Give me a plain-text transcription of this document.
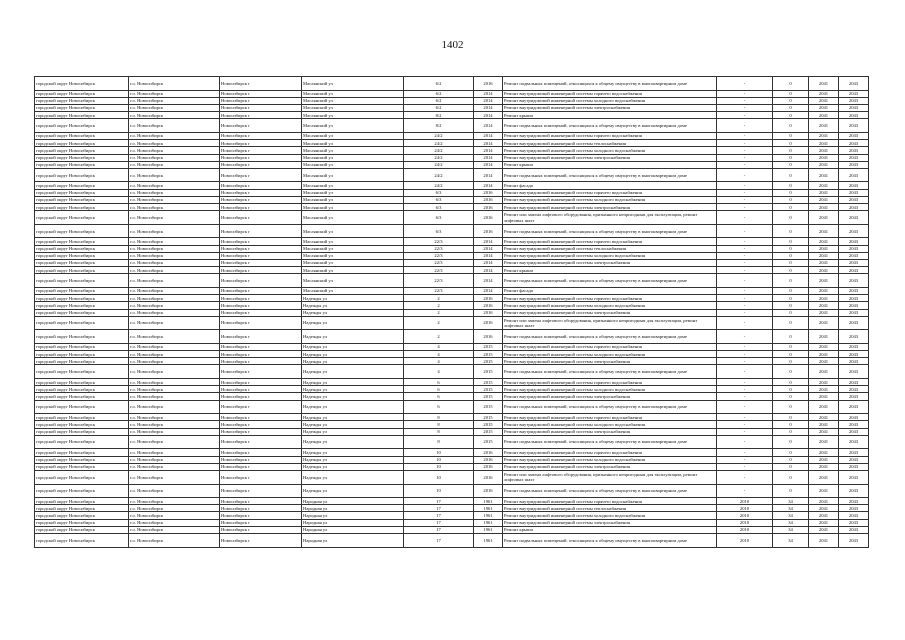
1402
городской округ Новосибирск	г.о. Новосибирск	Новосибирск г	Маслянский ул	6/2	2016	Ремонт подвальных помещений, относящихся к общему имуществу в многоквартирном доме	-	0	2041	2043
городской округ Новосибирск	г.о. Новосибирск	Новосибирск г	Маслянский ул	6/2	2014	Ремонт внутридомовой инженерной системы горячего водоснабжения	-	0	2041	2043
городской округ Новосибирск	г.о. Новосибирск	Новосибирск г	Маслянский ул	6/2	2014	Ремонт внутридомовой инженерной системы холодного водоснабжения	-	0	2041	2043
городской округ Новосибирск	г.о. Новосибирск	Новосибирск г	Маслянский ул	6/2	2014	Ремонт внутридомовой инженерной системы электроснабжения	-	0	2041	2043
городской округ Новосибирск	г.о. Новосибирск	Новосибирск г	Маслянский ул	8/2	2014	Ремонт крыши	-	0	2041	2043
городской округ Новосибирск	г.о. Новосибирск	Новосибирск г	Маслянский ул	8/2	2014	Ремонт подвальных помещений, относящихся к общему имуществу в многоквартирном доме	-	0	2041	2043
городской округ Новосибирск	г.о. Новосибирск	Новосибирск г	Маслянский ул	24/2	2014	Ремонт внутридомовой инженерной системы горячего водоснабжения	-	0	2041	2043
городской округ Новосибирск	г.о. Новосибирск	Новосибирск г	Маслянский ул	24/2	2014	Ремонт внутридомовой инженерной системы теплоснабжения	-	0	2041	2043
городской округ Новосибирск	г.о. Новосибирск	Новосибирск г	Маслянский ул	24/2	2014	Ремонт внутридомовой инженерной системы холодного водоснабжения	-	0	2041	2043
городской округ Новосибирск	г.о. Новосибирск	Новосибирск г	Маслянский ул	24/2	2014	Ремонт внутридомовой инженерной системы электроснабжения	-	0	2041	2043
городской округ Новосибирск	г.о. Новосибирск	Новосибирск г	Маслянский ул	24/2	2014	Ремонт крыши	-	0	2041	2043
городской округ Новосибирск	г.о. Новосибирск	Новосибирск г	Маслянский ул	24/2	2014	Ремонт подвальных помещений, относящихся к общему имуществу в многоквартирном доме	-	0	2041	2043
городской округ Новосибирск	г.о. Новосибирск	Новосибирск г	Маслянский ул	24/2	2014	Ремонт фасада	-	0	2041	2043
городской округ Новосибирск	г.о. Новосибирск	Новосибирск г	Маслянский ул	6/3	2016	Ремонт внутридомовой инженерной системы горячего водоснабжения	-	0	2041	2043
городской округ Новосибирск	г.о. Новосибирск	Новосибирск г	Маслянский ул	6/3	2016	Ремонт внутридомовой инженерной системы холодного водоснабжения	-	0	2041	2043
городской округ Новосибирск	г.о. Новосибирск	Новосибирск г	Маслянский ул	6/3	2016	Ремонт внутридомовой инженерной системы электроснабжения	-	0	2041	2043
городской округ Новосибирск	г.о. Новосибирск	Новосибирск г	Маслянский ул	6/3	2016	Ремонт или замена лифтового оборудования, признанного непригодным для эксплуатации, ремонт лифтовых шахт	-	0	2041	2043
городской округ Новосибирск	г.о. Новосибирск	Новосибирск г	Маслянский ул	6/3	2016	Ремонт подвальных помещений, относящихся к общему имуществу в многоквартирном доме	-	0	2041	2043
городской округ Новосибирск	г.о. Новосибирск	Новосибирск г	Маслянский ул	22/3	2014	Ремонт внутридомовой инженерной системы горячего водоснабжения	-	0	2041	2043
городской округ Новосибирск	г.о. Новосибирск	Новосибирск г	Маслянский ул	22/3	2014	Ремонт внутридомовой инженерной системы теплоснабжения	-	0	2041	2043
городской округ Новосибирск	г.о. Новосибирск	Новосибирск г	Маслянский ул	22/3	2014	Ремонт внутридомовой инженерной системы холодного водоснабжения	-	0	2041	2043
городской округ Новосибирск	г.о. Новосибирск	Новосибирск г	Маслянский ул	22/3	2014	Ремонт внутридомовой инженерной системы электроснабжения	-	0	2041	2043
городской округ Новосибирск	г.о. Новосибирск	Новосибирск г	Маслянский ул	22/3	2014	Ремонт крыши	-	0	2041	2043
городской округ Новосибирск	г.о. Новосибирск	Новосибирск г	Маслянский ул	22/3	2014	Ремонт подвальных помещений, относящихся к общему имуществу в многоквартирном доме	-	0	2041	2043
городской округ Новосибирск	г.о. Новосибирск	Новосибирск г	Маслянский ул	22/3	2014	Ремонт фасада	-	0	2041	2043
городской округ Новосибирск	г.о. Новосибирск	Новосибирск г	Надежды ул	2	2016	Ремонт внутридомовой инженерной системы горячего водоснабжения	-	0	2041	2043
городской округ Новосибирск	г.о. Новосибирск	Новосибирск г	Надежды ул	2	2016	Ремонт внутридомовой инженерной системы холодного водоснабжения	-	0	2041	2043
городской округ Новосибирск	г.о. Новосибирск	Новосибирск г	Надежды ул	2	2016	Ремонт внутридомовой инженерной системы электроснабжения	-	0	2041	2043
городской округ Новосибирск	г.о. Новосибирск	Новосибирск г	Надежды ул	2	2016	Ремонт или замена лифтового оборудования, признанного непригодным для эксплуатации, ремонт лифтовых шахт	-	0	2041	2043
городской округ Новосибирск	г.о. Новосибирск	Новосибирск г	Надежды ул	2	2016	Ремонт подвальных помещений, относящихся к общему имуществу в многоквартирном доме	-	0	2041	2043
городской округ Новосибирск	г.о. Новосибирск	Новосибирск г	Надежды ул	4	2015	Ремонт внутридомовой инженерной системы горячего водоснабжения	-	0	2041	2043
городской округ Новосибирск	г.о. Новосибирск	Новосибирск г	Надежды ул	4	2015	Ремонт внутридомовой инженерной системы холодного водоснабжения	-	0	2041	2043
городской округ Новосибирск	г.о. Новосибирск	Новосибирск г	Надежды ул	4	2015	Ремонт внутридомовой инженерной системы электроснабжения	-	0	2041	2043
городской округ Новосибирск	г.о. Новосибирск	Новосибирск г	Надежды ул	4	2015	Ремонт подвальных помещений, относящихся к общему имуществу в многоквартирном доме	-	0	2041	2043
городской округ Новосибирск	г.о. Новосибирск	Новосибирск г	Надежды ул	6	2015	Ремонт внутридомовой инженерной системы горячего водоснабжения	-	0	2041	2043
городской округ Новосибирск	г.о. Новосибирск	Новосибирск г	Надежды ул	6	2015	Ремонт внутридомовой инженерной системы холодного водоснабжения	-	0	2041	2043
городской округ Новосибирск	г.о. Новосибирск	Новосибирск г	Надежды ул	6	2015	Ремонт внутридомовой инженерной системы электроснабжения	-	0	2041	2043
городской округ Новосибирск	г.о. Новосибирск	Новосибирск г	Надежды ул	6	2015	Ремонт подвальных помещений, относящихся к общему имуществу в многоквартирном доме	-	0	2041	2043
городской округ Новосибирск	г.о. Новосибирск	Новосибирск г	Надежды ул	8	2015	Ремонт внутридомовой инженерной системы горячего водоснабжения	-	0	2041	2043
городской округ Новосибирск	г.о. Новосибирск	Новосибирск г	Надежды ул	8	2015	Ремонт внутридомовой инженерной системы холодного водоснабжения	-	0	2041	2043
городской округ Новосибирск	г.о. Новосибирск	Новосибирск г	Надежды ул	8	2015	Ремонт внутридомовой инженерной системы электроснабжения	-	0	2041	2043
городской округ Новосибирск	г.о. Новосибирск	Новосибирск г	Надежды ул	8	2015	Ремонт подвальных помещений, относящихся к общему имуществу в многоквартирном доме	-	0	2041	2043
городской округ Новосибирск	г.о. Новосибирск	Новосибирск г	Надежды ул	10	2016	Ремонт внутридомовой инженерной системы горячего водоснабжения	-	0	2041	2043
городской округ Новосибирск	г.о. Новосибирск	Новосибирск г	Надежды ул	10	2016	Ремонт внутридомовой инженерной системы холодного водоснабжения	-	0	2041	2043
городской округ Новосибирск	г.о. Новосибирск	Новосибирск г	Надежды ул	10	2016	Ремонт внутридомовой инженерной системы электроснабжения	-	0	2041	2043
городской округ Новосибирск	г.о. Новосибирск	Новосибирск г	Надежды ул	10	2016	Ремонт или замена лифтового оборудования, признанного непригодным для эксплуатации, ремонт лифтовых шахт	-	0	2041	2043
городской округ Новосибирск	г.о. Новосибирск	Новосибирск г	Надежды ул	10	2016	Ремонт подвальных помещений, относящихся к общему имуществу в многоквартирном доме	-	0	2041	2043
городской округ Новосибирск	г.о. Новосибирск	Новосибирск г	Народная ул	17	1961	Ремонт внутридомовой инженерной системы горячего водоснабжения	2010	34	2041	2043
городской округ Новосибирск	г.о. Новосибирск	Новосибирск г	Народная ул	17	1961	Ремонт внутридомовой инженерной системы теплоснабжения	2010	34	2041	2043
городской округ Новосибирск	г.о. Новосибирск	Новосибирск г	Народная ул	17	1961	Ремонт внутридомовой инженерной системы холодного водоснабжения	2010	34	2041	2043
городской округ Новосибирск	г.о. Новосибирск	Новосибирск г	Народная ул	17	1961	Ремонт внутридомовой инженерной системы электроснабжения	2010	34	2041	2043
городской округ Новосибирск	г.о. Новосибирск	Новосибирск г	Народная ул	17	1961	Ремонт крыши	2010	34	2041	2043
городской округ Новосибирск	г.о. Новосибирск	Новосибирск г	Народная ул	17	1961	Ремонт подвальных помещений, относящихся к общему имуществу в многоквартирном доме	2010	34	2041	2043
